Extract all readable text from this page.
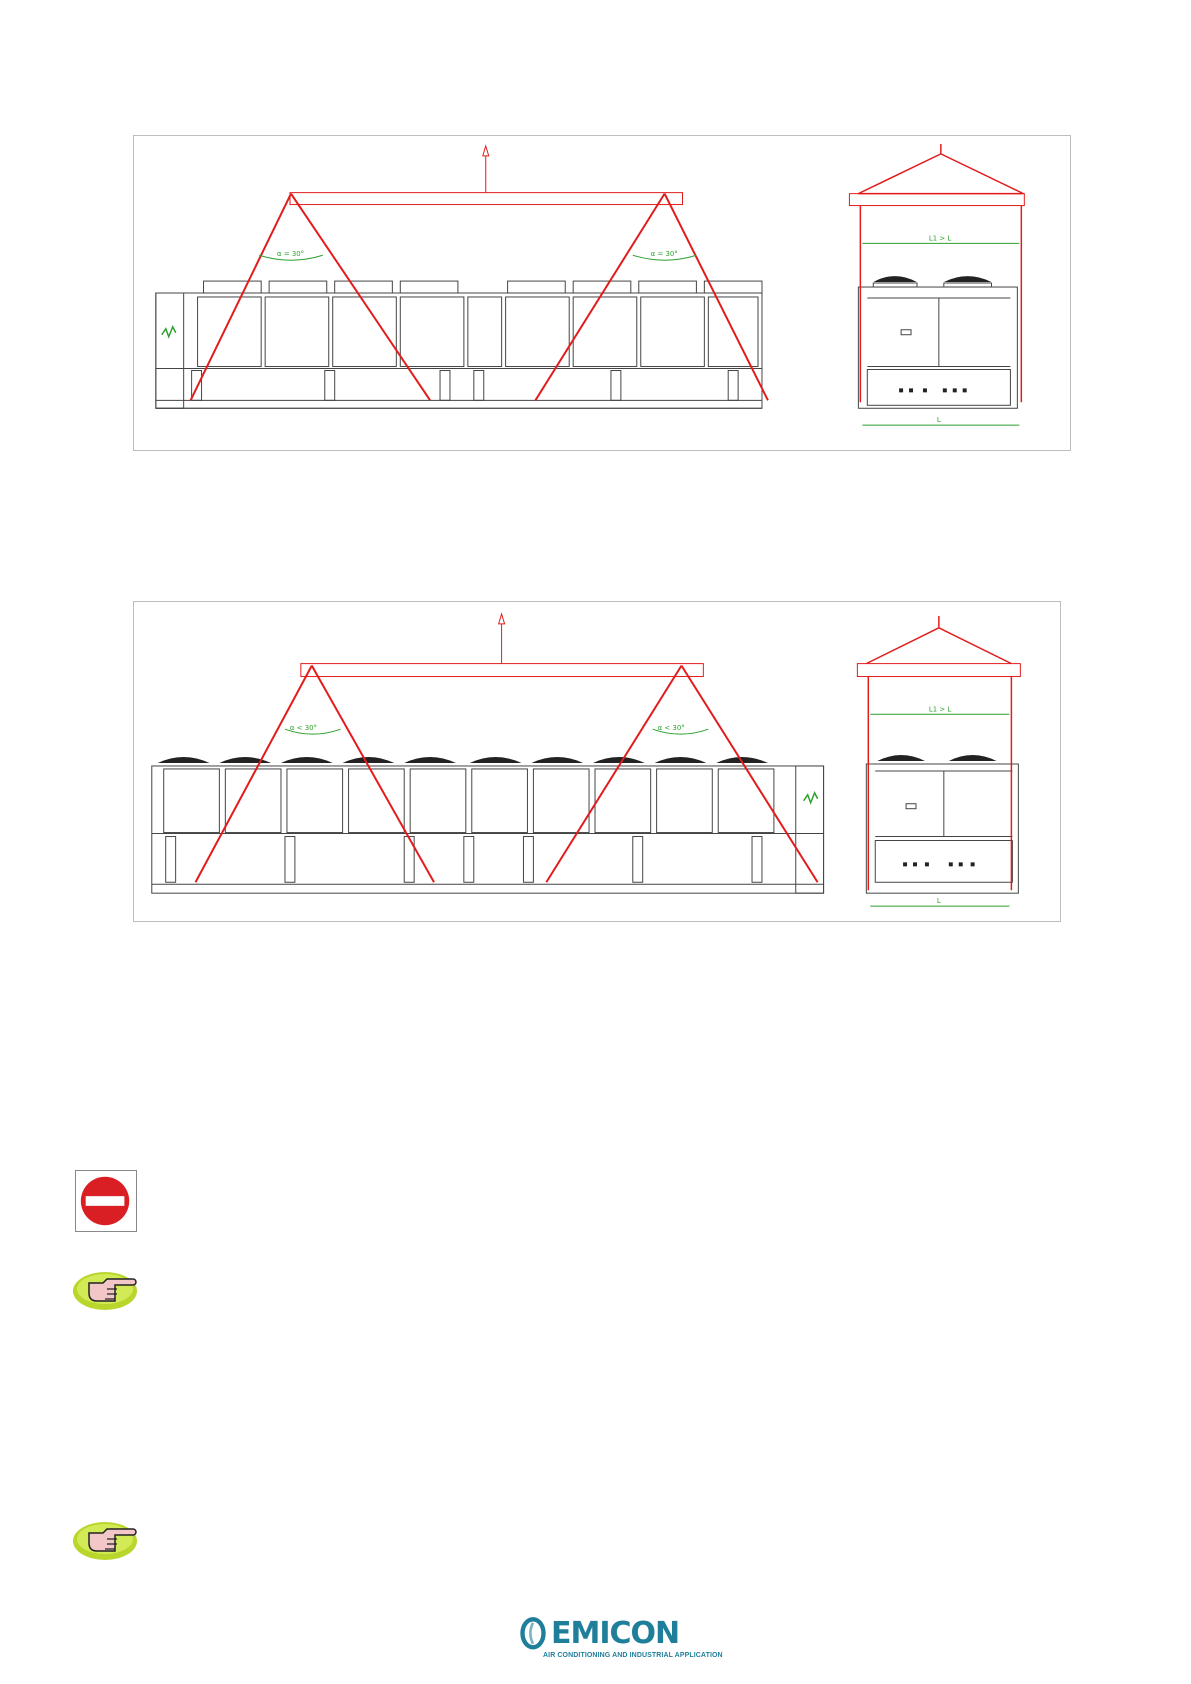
α = 30°	α = 30°
L1 > L
L
α < 30°	α < 30°
L1 > L
L
EMICON
AIR CONDITIONING AND INDUSTRIAL APPLICATION
